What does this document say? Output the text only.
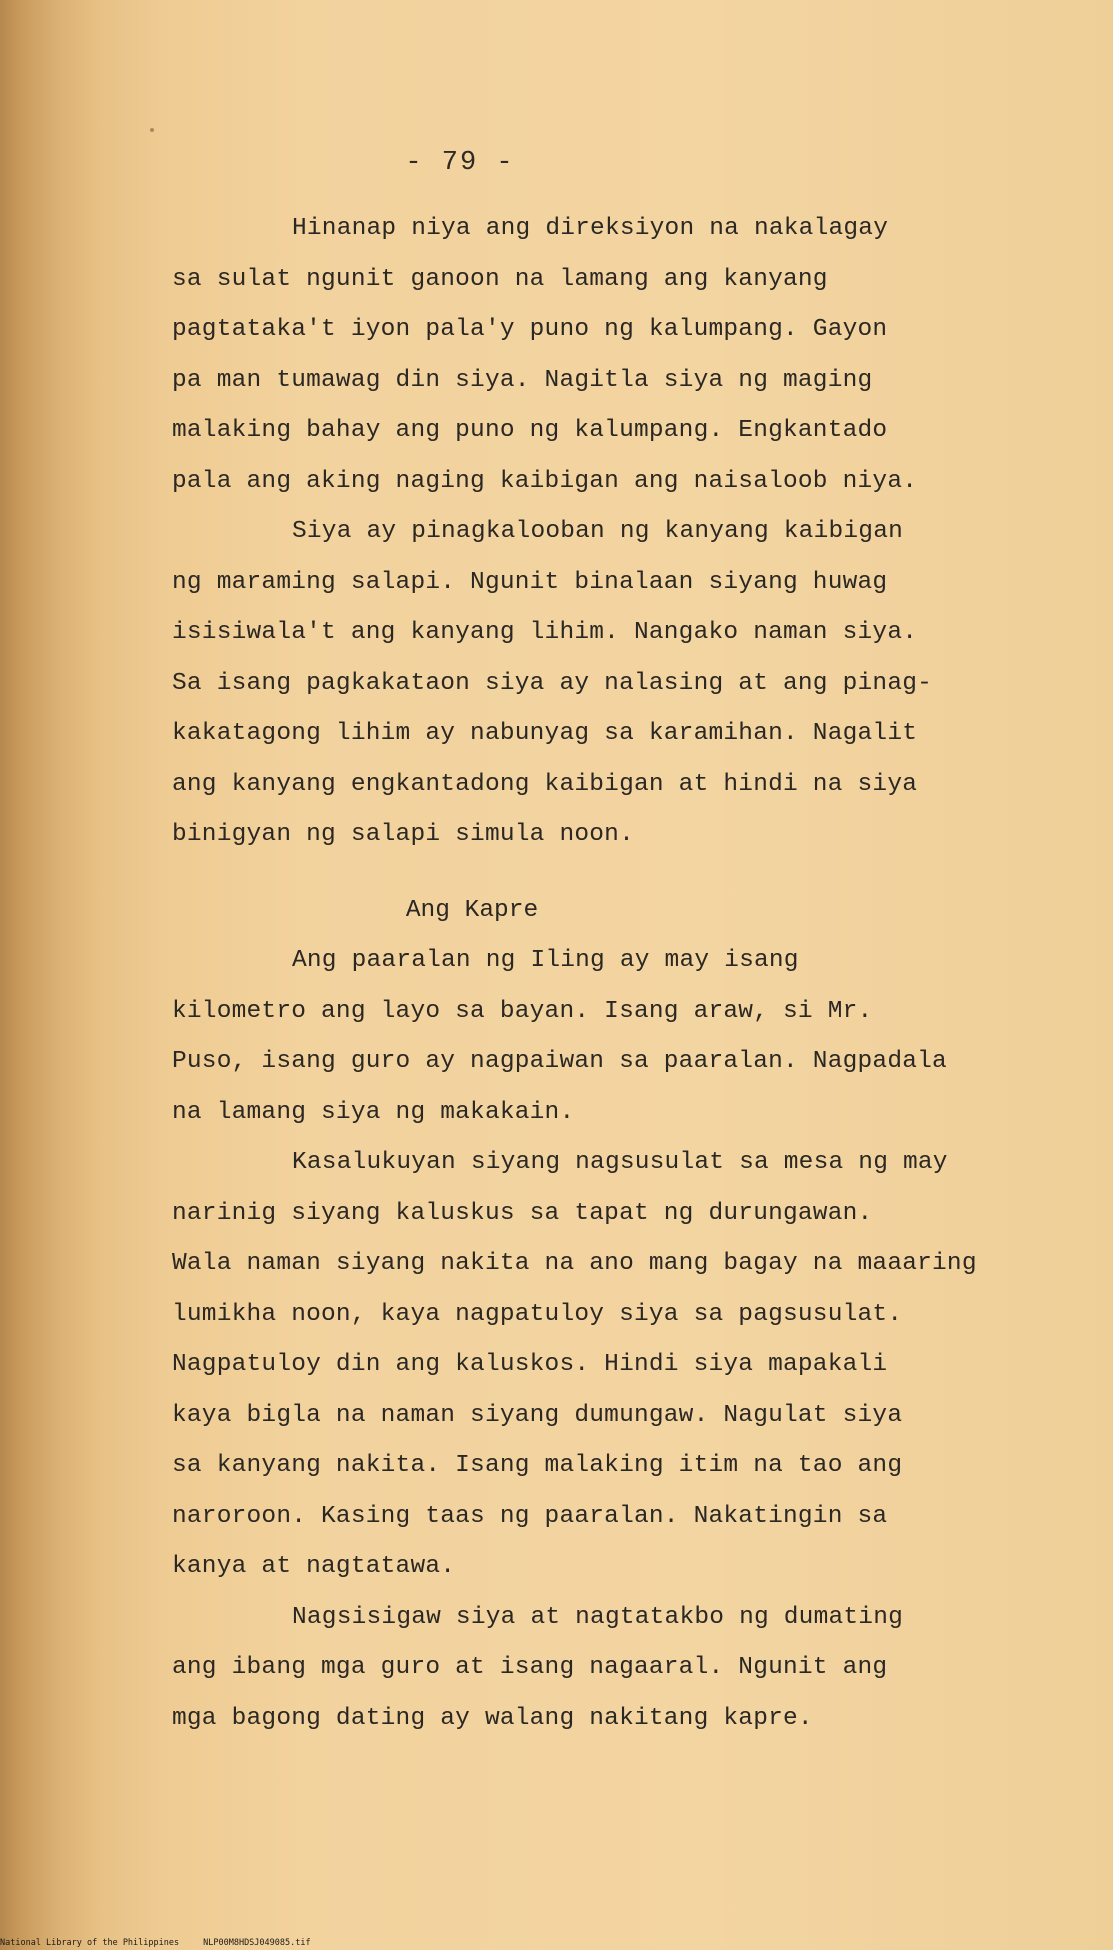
- 79 -
Hinanap niya ang direksiyon na nakalagay
sa sulat ngunit ganoon na lamang ang kanyang
pagtataka't iyon pala'y puno ng kalumpang. Gayon
pa man tumawag din siya. Nagitla siya ng maging
malaking bahay ang puno ng kalumpang. Engkantado
pala ang aking naging kaibigan ang naisaloob niya.
Siya ay pinagkalooban ng kanyang kaibigan
ng maraming salapi. Ngunit binalaan siyang huwag
isisiwala't ang kanyang lihim. Nangako naman siya.
Sa isang pagkakataon siya ay nalasing at ang pinag-
kakatagong lihim ay nabunyag sa karamihan. Nagalit
ang kanyang engkantadong kaibigan at hindi na siya
binigyan ng salapi simula noon.
Ang Kapre
Ang paaralan ng Iling ay may isang
kilometro ang layo sa bayan. Isang araw, si Mr.
Puso, isang guro ay nagpaiwan sa paaralan. Nagpadala
na lamang siya ng makakain.
Kasalukuyan siyang nagsusulat sa mesa ng may
narinig siyang kaluskus sa tapat ng durungawan.
Wala naman siyang nakita na ano mang bagay na maaaring
lumikha noon, kaya nagpatuloy siya sa pagsusulat.
Nagpatuloy din ang kaluskos. Hindi siya mapakali
kaya bigla na naman siyang dumungaw. Nagulat siya
sa kanyang nakita. Isang malaking itim na tao ang
naroroon. Kasing taas ng paaralan. Nakatingin sa
kanya at nagtatawa.
Nagsisigaw siya at nagtatakbo ng dumating
ang ibang mga guro at isang nagaaral. Ngunit ang
mga bagong dating ay walang nakitang kapre.
National Library of the Philippines	NLP00M8HDSJ049085.tif
